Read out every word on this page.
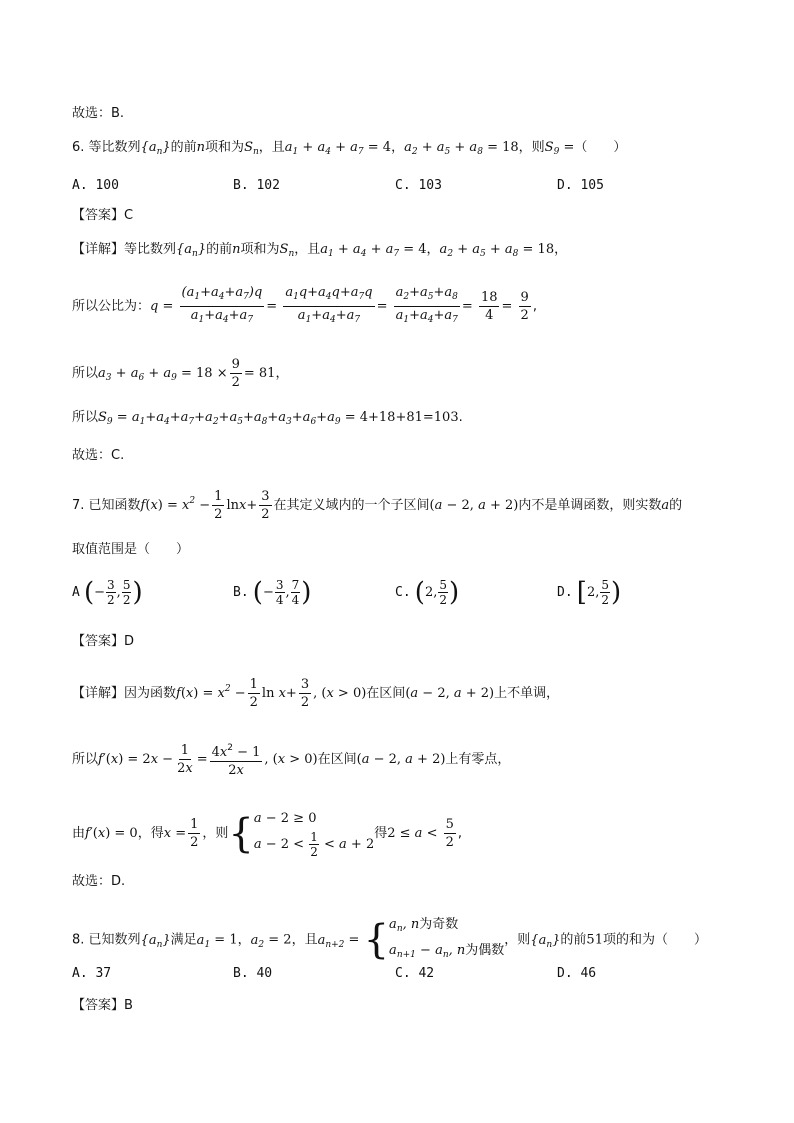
故选：B.
6. 等比数列$\{a_n\}$的前n项和为$S_n$，且$a_1 + a_4 + a_7 = 4$，$a_2 + a_5 + a_8 = 18$，则$S_9$ =（　　）
A. 100	B. 102	C. 103	D. 105
【答案】C
【详解】等比数列$\{a_n\}$的前n项和为$S_n$，且$a_1 + a_4 + a_7 = 4$，$a_2 + a_5 + a_8 = 18$，
所以公比为：$q = \frac{(a_1+a_4+a_7)q}{a_1+a_4+a_7} = \frac{a_1q+a_4q+a_7q}{a_1+a_4+a_7} = \frac{a_2+a_5+a_8}{a_1+a_4+a_7} = \frac{18}{4} = \frac{9}{2}$ ,
所以$a_3 + a_6 + a_9 = 18 \times \frac{9}{2} = 81$，
所以$S_9 = a_1+a_4+a_7+a_2+a_5+a_8+a_3+a_6+a_9 = 4+18+81=103$.
故选：C.
7. 已知函数$f(x) = x^2 - \frac{1}{2} \ln x+ \frac{3}{2}$ 在其定义域内的一个子区间(a − 2, a + 2)内不是单调函数，则实数a的
取值范围是（　　）
A (− $\frac{3}{2}$ , $\frac{5}{2}$ )	B. (− $\frac{3}{4}$ , $\frac{7}{4}$ )	C. (2, $\frac{5}{2}$ )	D. [2, $\frac{5}{2}$ )
【答案】D
【详解】因为函数$f(x) = x^2 - \frac{1}{2}$ $\ln x+ \frac{3}{2}$ , (x > 0)在区间(a − 2, a + 2)上不单调，
所以$f'(x) = 2x - \frac{1}{2x} = \frac{4x^2 - 1}{2x}$ , (x > 0)在区间(a − 2, a + 2)上有零点，
由f′(x) = 0，得$x = \frac{1}{2}$ ，则 { a − 2 ≥ 0
$a - 2 < \frac{1}{2} < a + 2$
得$2 \le a < \frac{5}{2}$ ,
故选：D.
8. 已知数列$\{a_n\}$满足$a_1 = 1$，$a_2 = 2$，且$a_{n+2}$ = { $a_n$, n为奇数
$a_{n+1} - a_n$, n为偶数
，则$\{a_n\}$的前51项的和为（　　）
A. 37	B. 40	C. 42	D. 46
【答案】B
